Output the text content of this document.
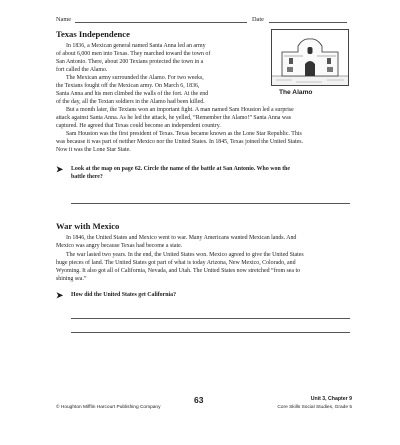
Name	Date
Texas Independence
In 1836, a Mexican general named Santa Anna led an army
of about 6,000 men into Texas. They marched toward the town of
San Antonio. There, about 200 Texians protected the town in a
fort called the Alamo.
The Mexican army surrounded the Alamo. For two weeks,
the Texians fought off the Mexican army. On March 6, 1836,
Santa Anna and his men climbed the walls of the fort. At the end
of the day, all the Texian soldiers in the Alamo had been killed.
The Alamo
But a month later, the Texians won an important fight. A man named Sam Houston led a surprise
attack against Santa Anna. As he led the attack, he yelled, “Remember the Alamo!” Santa Anna was
captured. He agreed that Texas could become an independent country.
Sam Houston was the first president of Texas. Texas became known as the Lone Star Republic. This
was because it was part of neither Mexico nor the United States. In 1845, Texas joined the United States.
Now it was the Lone Star State.
➤ Look at the map on page 62. Circle the name of the battle at San Antonio. Who won the
battle there?
War with Mexico
In 1846, the United States and Mexico went to war. Many Americans wanted Mexican lands. And
Mexico was angry because Texas had become a state.
The war lasted two years. In the end, the United States won. Mexico agreed to give the United States
huge pieces of land. The United States got part of what is today Arizona, New Mexico, Colorado, and
Wyoming. It also got all of California, Nevada, and Utah. The United States now stretched “from sea to
shining sea.”
➤ How did the United States get California?
63
© Houghton Mifflin Harcourt Publishing Company
Unit 3, Chapter 9
Core Skills Social Studies, Grade 5
